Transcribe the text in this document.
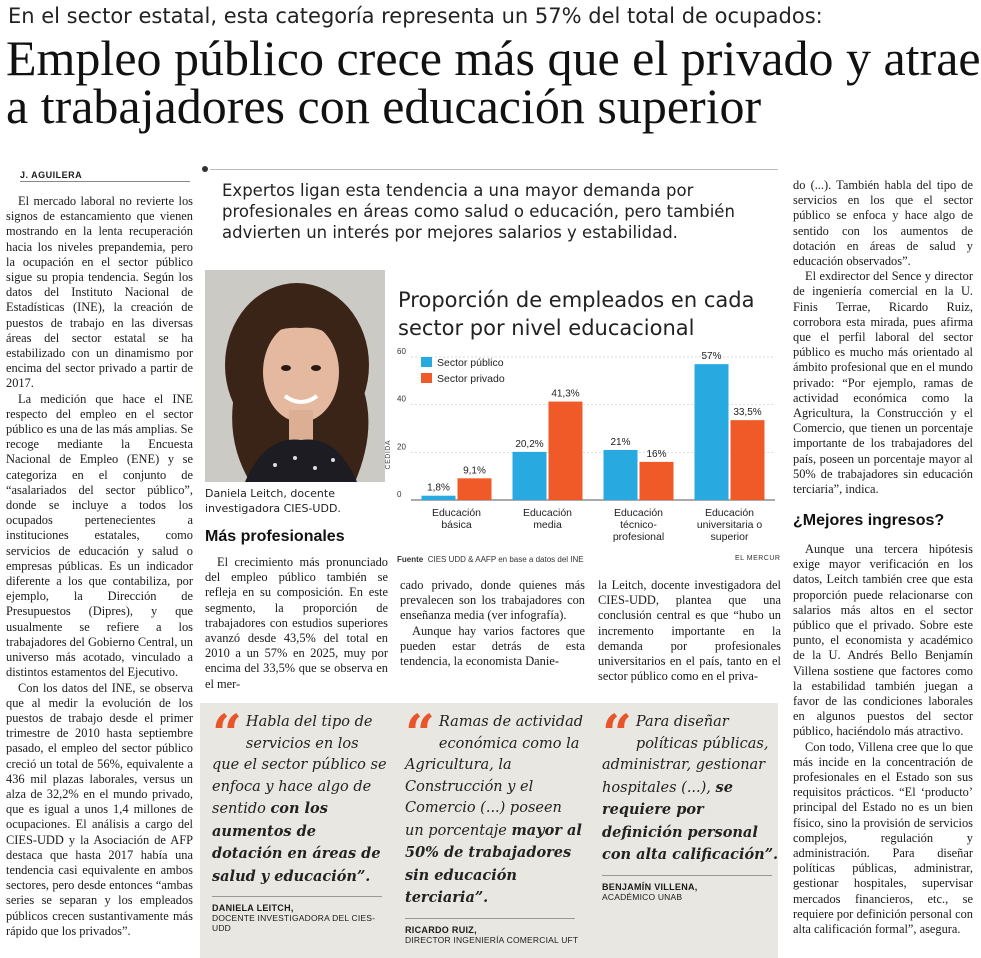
En el sector estatal, esta categoría representa un 57% del total de ocupados:
Empleo público crece más que el privado y atrae a trabajadores con educación superior
J. AGUILERA

El mercado laboral no revierte los signos de estancamiento que vienen mostrando en la lenta recuperación hacia los niveles prepandemia, pero la ocupación en el sector público sigue su propia tendencia. Según los datos del Instituto Nacional de Estadísticas (INE), la creación de puestos de trabajo en las diversas áreas del sector estatal se ha estabilizado con un dinamismo por encima del sector privado a partir de 2017.

La medición que hace el INE respecto del empleo en el sector público es una de las más amplias. Se recoge mediante la Encuesta Nacional de Empleo (ENE) y se categoriza en el conjunto de “asalariados del sector público”, donde se incluye a todos los ocupados pertenecientes a instituciones estatales, como servicios de educación y salud o empresas públicas. Es un indicador diferente a los que contabiliza, por ejemplo, la Dirección de Presupuestos (Dipres), y que usualmente se refiere a los trabajadores del Gobierno Central, un universo más acotado, vinculado a distintos estamentos del Ejecutivo.

Con los datos del INE, se observa que al medir la evolución de los puestos de trabajo desde el primer trimestre de 2010 hasta septiembre pasado, el empleo del sector público creció un total de 56%, equivalente a 436 mil plazas laborales, versus un alza de 32,2% en el mundo privado, que es igual a unos 1,4 millones de ocupaciones. El análisis a cargo del CIES-UDD y la Asociación de AFP destaca que hasta 2017 había una tendencia casi equivalente en ambos sectores, pero desde entonces “ambas series se separan y los empleados públicos crecen sustantivamente más rápido que los privados”.

Expertos ligan esta tendencia a una mayor demanda por profesionales en áreas como salud o educación, pero también advierten un interés por mejores salarios y estabilidad.
CEDIDA
Daniela Leitch, docente investigadora CIES-UDD.
Más profesionales

El crecimiento más pronunciado del empleo público también se refleja en su composición. En este segmento, la proporción de trabajadores con estudios superiores avanzó desde 43,5% del total en 2010 a un 57% en 2025, muy por encima del 33,5% que se observa en el mer-

cado privado, donde quienes más prevalecen son los trabajadores con enseñanza media (ver infografía).

Aunque hay varios factores que pueden estar detrás de esta tendencia, la economista Danie-

la Leitch, docente investigadora del CIES-UDD, plantea que una conclusión central es que “hubo un incremento importante en la demanda por profesionales universitarios en el país, tanto en el sector público como en el priva-

Proporción de empleados en cada sector por nivel educacional
0
20
40
60
1,8%
20,2%	21%
57%
9,1%
41,3%
16%
33,5%
Educación
básica
Educación
media
Educación
técnico-
profesional
Educación
universitaria o
superior
Sector público
Sector privado
Fuente CIES UDD & AAFP en base a datos del INE	EL MERCUR

do (...). También habla del tipo de servicios en los que el sector público se enfoca y hace algo de sentido con los aumentos de dotación en áreas de salud y educación observados”.

El exdirector del Sence y director de ingeniería comercial en la U. Finis Terrae, Ricardo Ruiz, corrobora esta mirada, pues afirma que el perfil laboral del sector público es mucho más orientado al ámbito profesional que en el mundo privado: “Por ejemplo, ramas de actividad económica como la Agricultura, la Construcción y el Comercio, que tienen un porcentaje importante de los trabajadores del país, poseen un porcentaje mayor al 50% de trabajadores sin educación terciaria”, indica.

¿Mejores ingresos?

Aunque una tercera hipótesis exige mayor verificación en los datos, Leitch también cree que esta proporción puede relacionarse con salarios más altos en el sector público que el privado. Sobre este punto, el economista y académico de la U. Andrés Bello Benjamín Villena sostiene que factores como la estabilidad también juegan a favor de las condiciones laborales en algunos puestos del sector público, haciéndolo más atractivo.

Con todo, Villena cree que lo que más incide en la concentración de profesionales en el Estado son sus requisitos prácticos. “El ‘producto’ principal del Estado no es un bien físico, sino la provisión de servicios complejos, regulación y administración. Para diseñar políticas públicas, administrar, gestionar hospitales, supervisar mercados financieros, etc., se requiere por definición personal con alta calificación formal”, asegura.

“ Habla del tipo de servicios en los que el sector público se enfoca y hace algo de sentido con los aumentos de dotación en áreas de salud y educación”.
DANIELA LEITCH,
DOCENTE INVESTIGADORA DEL CIES-UDD
“ Ramas de actividad económica como la Agricultura, la Construcción y el Comercio (...) poseen un porcentaje mayor al 50% de trabajadores sin educación terciaria”.
RICARDO RUIZ,
DIRECTOR INGENIERÍA COMERCIAL UFT
“ Para diseñar políticas públicas, administrar, gestionar hospitales (...), se requiere por definición personal con alta calificación”.
BENJAMÍN VILLENA,
ACADÉMICO UNAB
